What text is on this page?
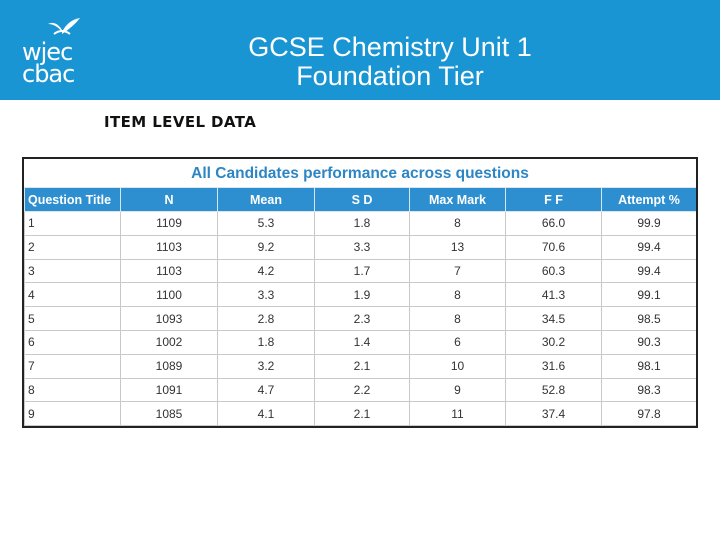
wjec
cbac
GCSE Chemistry Unit 1
Foundation Tier
ITEM LEVEL DATA
All Candidates performance across questions
Question Title	N	Mean	S D	Max Mark	F F	Attempt %
1	1109	5.3	1.8	8	66.0	99.9
2	1103	9.2	3.3	13	70.6	99.4
3	1103	4.2	1.7	7	60.3	99.4
4	1100	3.3	1.9	8	41.3	99.1
5	1093	2.8	2.3	8	34.5	98.5
6	1002	1.8	1.4	6	30.2	90.3
7	1089	3.2	2.1	10	31.6	98.1
8	1091	4.7	2.2	9	52.8	98.3
9	1085	4.1	2.1	11	37.4	97.8
